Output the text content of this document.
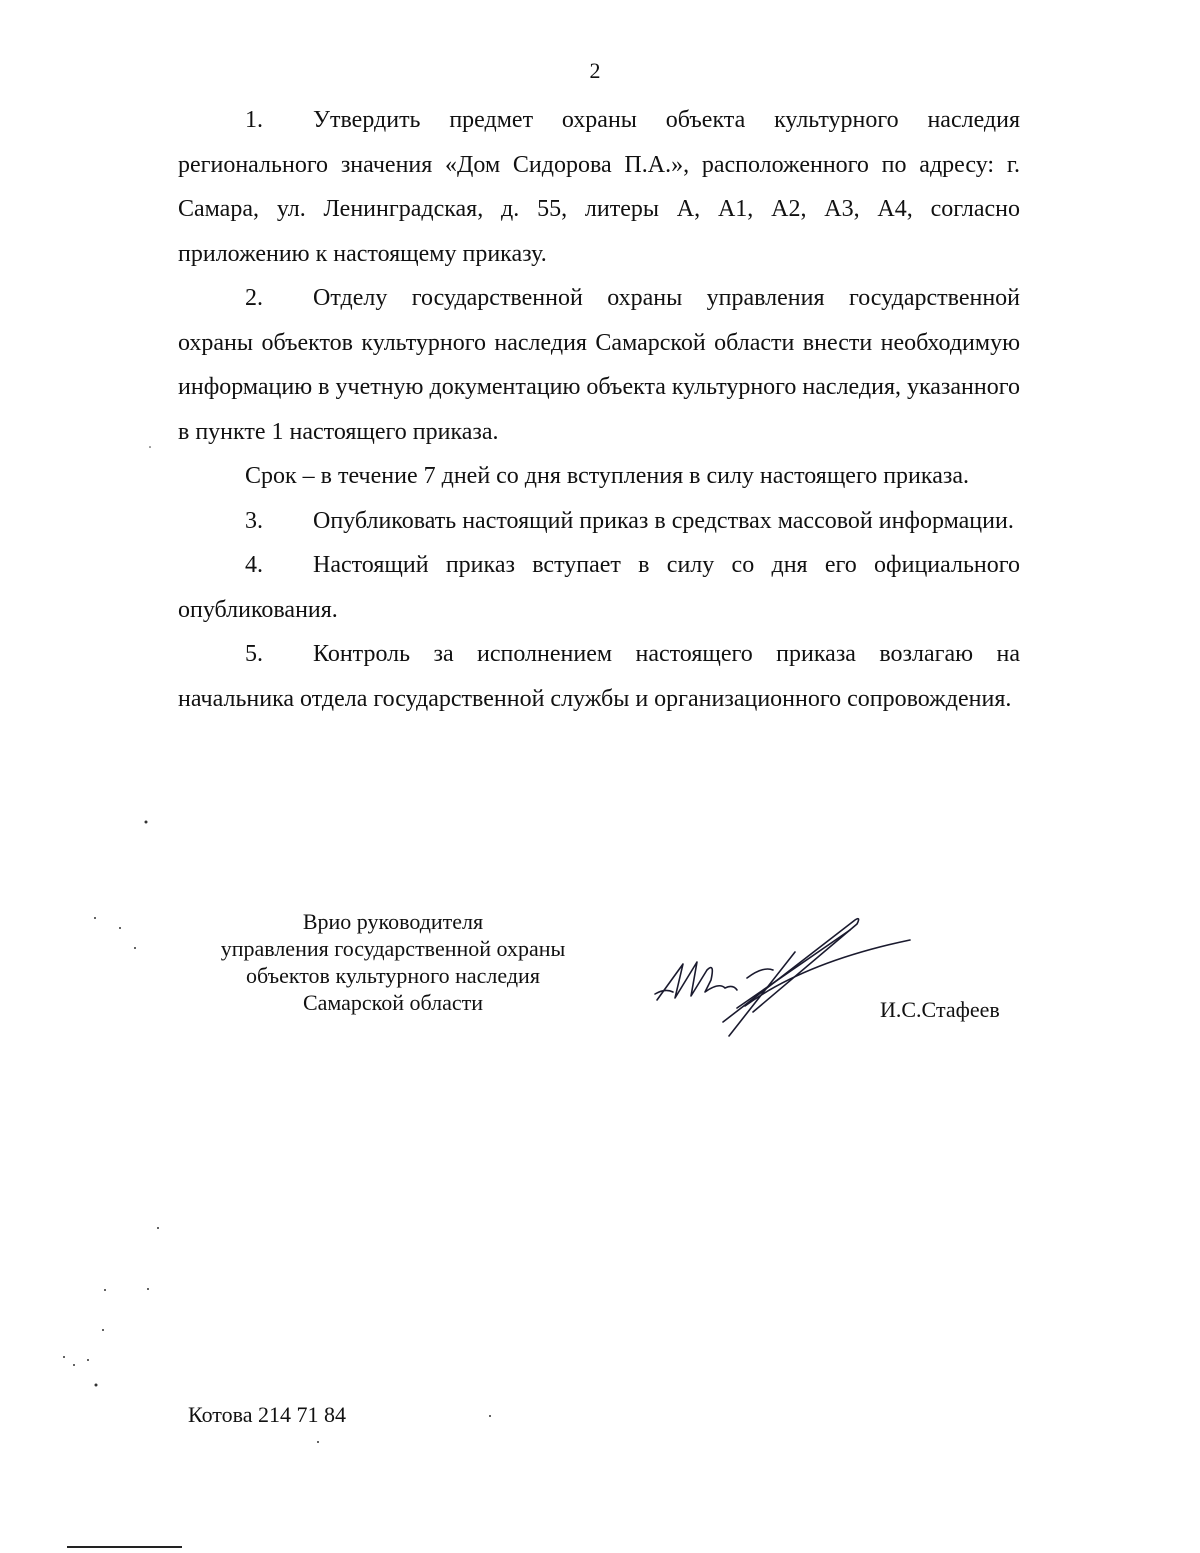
2

1. Утвердить предмет охраны объекта культурного наследия регионального значения «Дом Сидорова П.А.», расположенного по адресу: г. Самара, ул. Ленинградская, д. 55, литеры А, А1, А2, А3, А4, согласно приложению к настоящему приказу.

2. Отделу государственной охраны управления государственной охраны объектов культурного наследия Самарской области внести необходимую информацию в учетную документацию объекта культурного наследия, указанного в пункте 1 настоящего приказа.

Срок – в течение 7 дней со дня вступления в силу настоящего приказа.

3. Опубликовать настоящий приказ в средствах массовой информации.

4. Настоящий приказ вступает в силу со дня его официального опубликования.

5. Контроль за исполнением настоящего приказа возлагаю на начальника отдела государственной службы и организационного сопровождения.

Врио руководителя
управления государственной охраны
объектов культурного наследия
Самарской области	И.С.Стафеев
Котова 214 71 84
